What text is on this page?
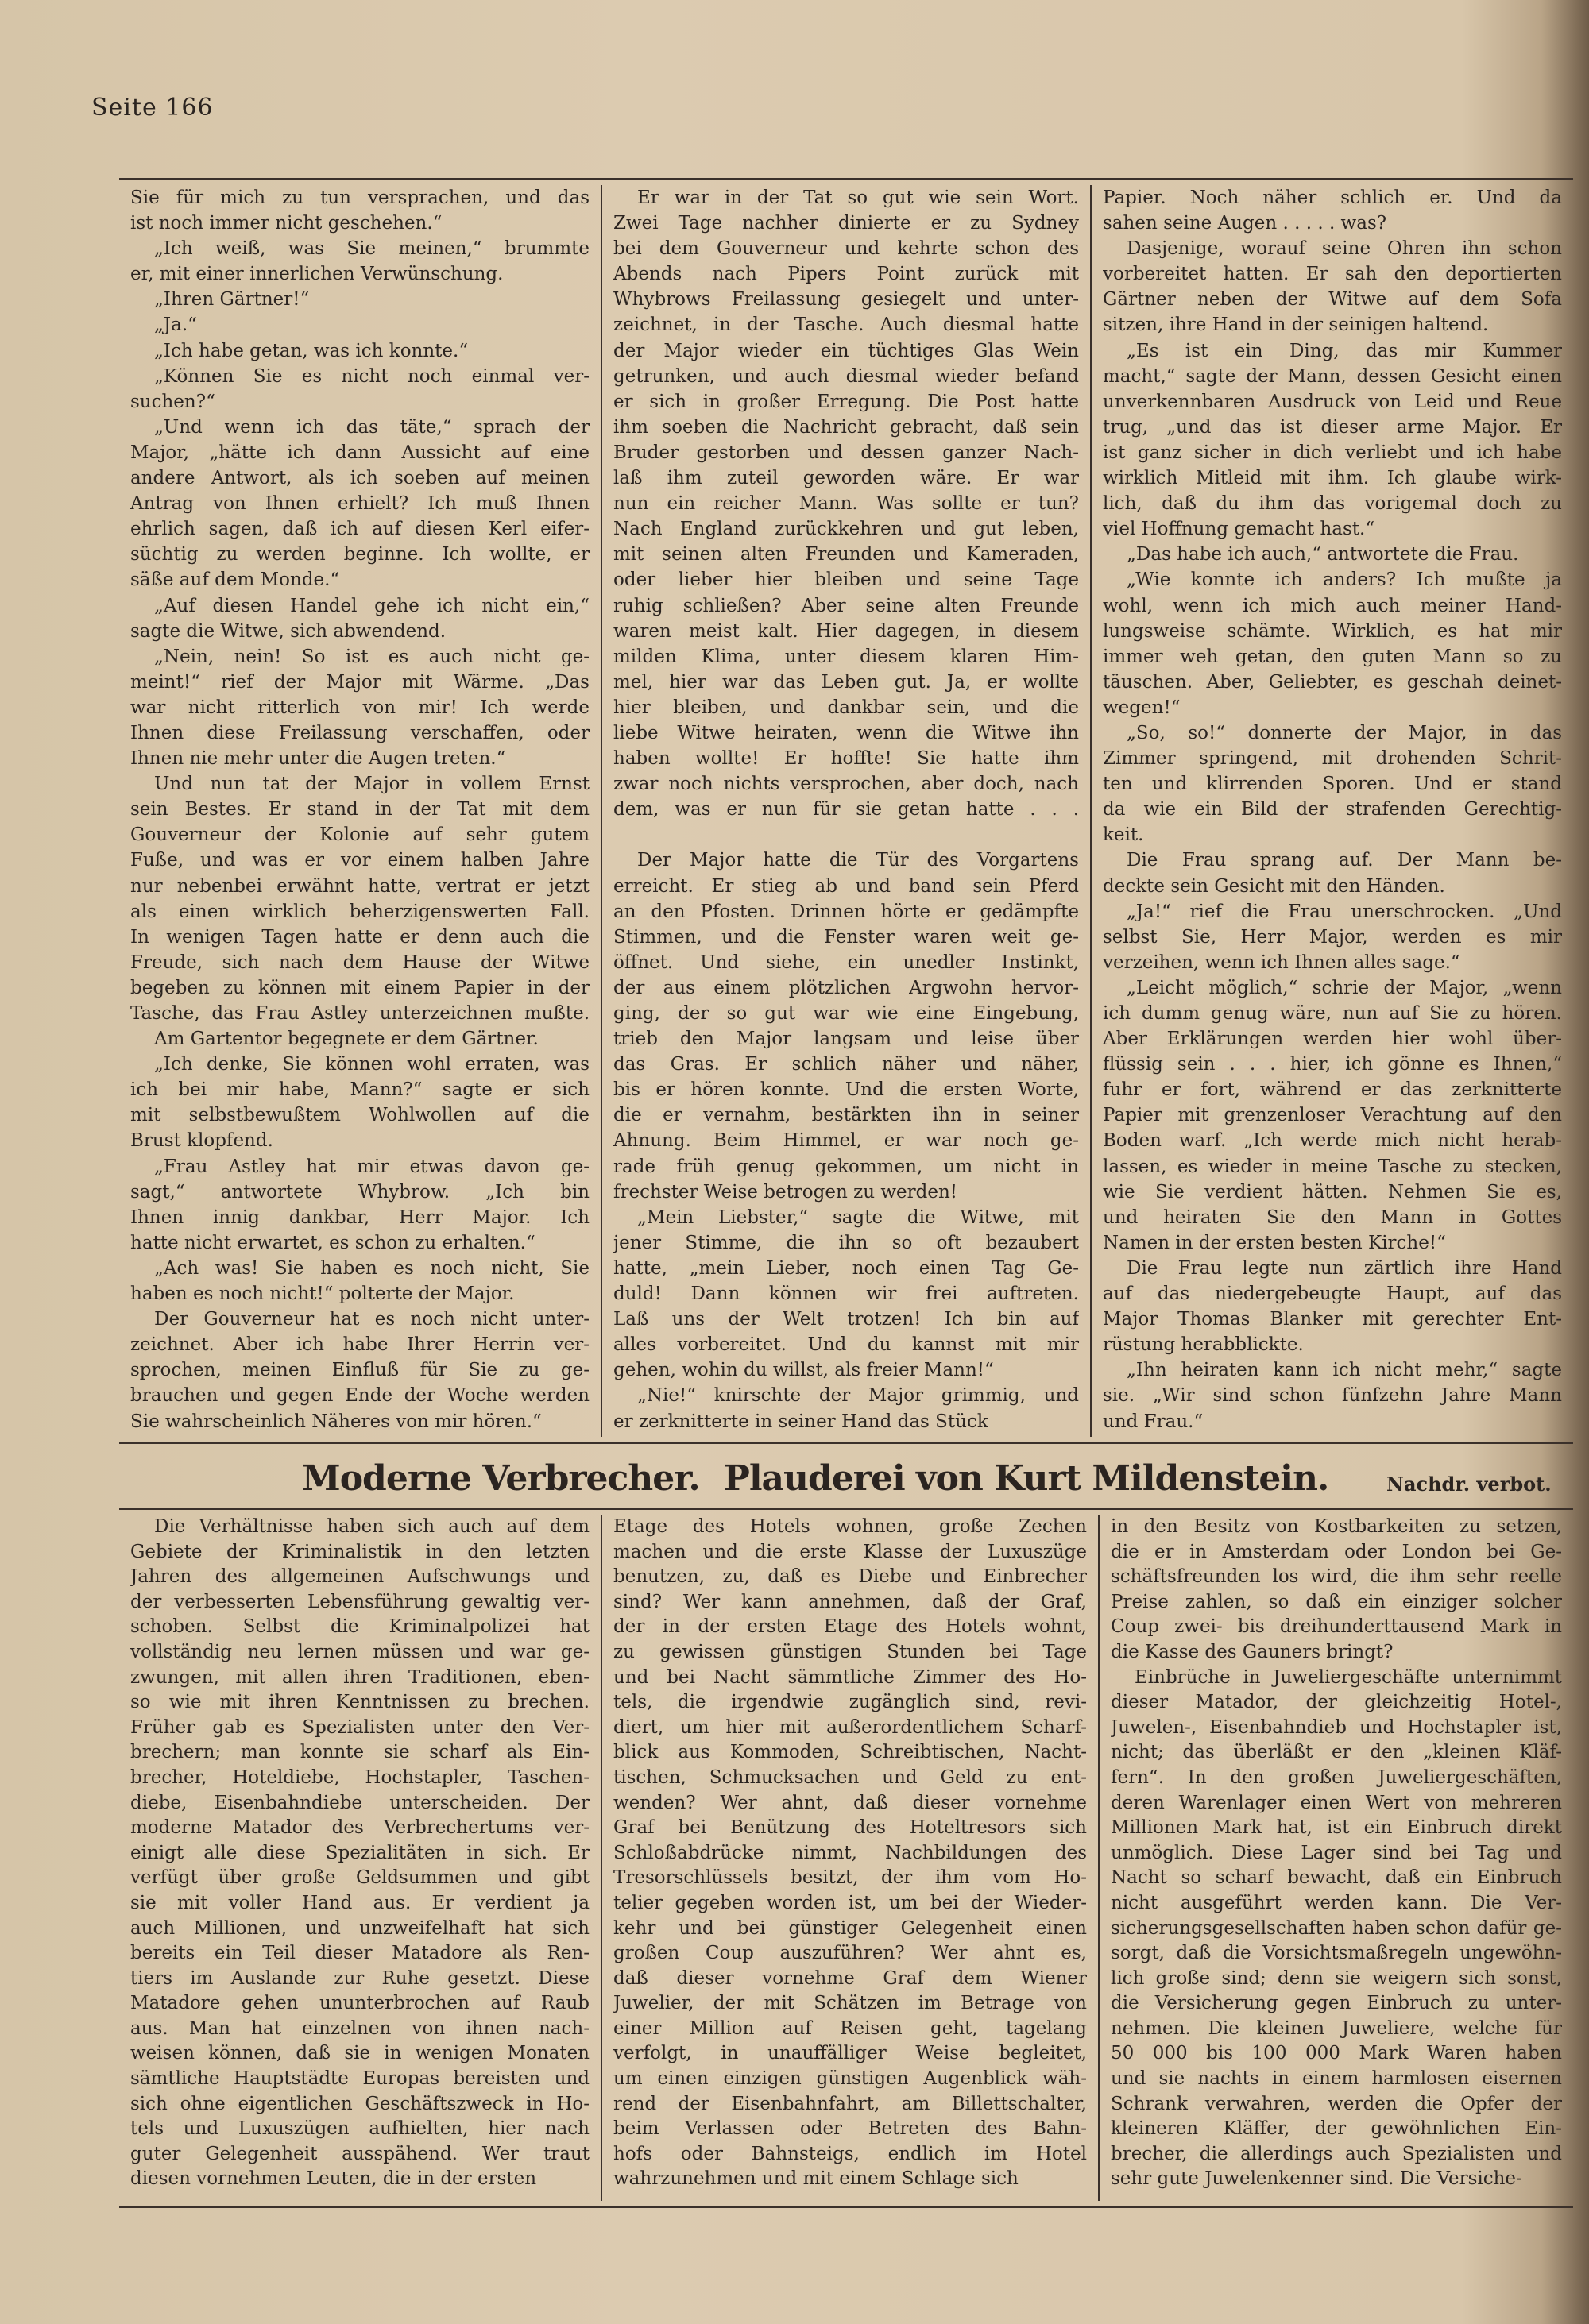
Seite 166
Sie für mich zu tun versprachen, und das
ist noch immer nicht geschehen.“
„Ich weiß, was Sie meinen,“ brummte
er, mit einer innerlichen Verwünschung.
„Ihren Gärtner!“
„Ja.“
„Ich habe getan, was ich konnte.“
„Können Sie es nicht noch einmal ver-
suchen?“
„Und wenn ich das täte,“ sprach der
Major, „hätte ich dann Aussicht auf eine
andere Antwort, als ich soeben auf meinen
Antrag von Ihnen erhielt? Ich muß Ihnen
ehrlich sagen, daß ich auf diesen Kerl eifer-
süchtig zu werden beginne. Ich wollte, er
säße auf dem Monde.“
„Auf diesen Handel gehe ich nicht ein,“
sagte die Witwe, sich abwendend.
„Nein, nein! So ist es auch nicht ge-
meint!“ rief der Major mit Wärme. „Das
war nicht ritterlich von mir! Ich werde
Ihnen diese Freilassung verschaffen, oder
Ihnen nie mehr unter die Augen treten.“
Und nun tat der Major in vollem Ernst
sein Bestes. Er stand in der Tat mit dem
Gouverneur der Kolonie auf sehr gutem
Fuße, und was er vor einem halben Jahre
nur nebenbei erwähnt hatte, vertrat er jetzt
als einen wirklich beherzigenswerten Fall.
In wenigen Tagen hatte er denn auch die
Freude, sich nach dem Hause der Witwe
begeben zu können mit einem Papier in der
Tasche, das Frau Astley unterzeichnen mußte.
Am Gartentor begegnete er dem Gärtner.
„Ich denke, Sie können wohl erraten, was
ich bei mir habe, Mann?“ sagte er sich
mit selbstbewußtem Wohlwollen auf die
Brust klopfend.
„Frau Astley hat mir etwas davon ge-
sagt,“ antwortete Whybrow. „Ich bin
Ihnen innig dankbar, Herr Major. Ich
hatte nicht erwartet, es schon zu erhalten.“
„Ach was! Sie haben es noch nicht, Sie
haben es noch nicht!“ polterte der Major.
Der Gouverneur hat es noch nicht unter-
zeichnet. Aber ich habe Ihrer Herrin ver-
sprochen, meinen Einfluß für Sie zu ge-
brauchen und gegen Ende der Woche werden
Sie wahrscheinlich Näheres von mir hören.“
Er war in der Tat so gut wie sein Wort.
Zwei Tage nachher dinierte er zu Sydney
bei dem Gouverneur und kehrte schon des
Abends nach Pipers Point zurück mit
Whybrows Freilassung gesiegelt und unter-
zeichnet, in der Tasche. Auch diesmal hatte
der Major wieder ein tüchtiges Glas Wein
getrunken, und auch diesmal wieder befand
er sich in großer Erregung. Die Post hatte
ihm soeben die Nachricht gebracht, daß sein
Bruder gestorben und dessen ganzer Nach-
laß ihm zuteil geworden wäre. Er war
nun ein reicher Mann. Was sollte er tun?
Nach England zurückkehren und gut leben,
mit seinen alten Freunden und Kameraden,
oder lieber hier bleiben und seine Tage
ruhig schließen? Aber seine alten Freunde
waren meist kalt. Hier dagegen, in diesem
milden Klima, unter diesem klaren Him-
mel, hier war das Leben gut. Ja, er wollte
hier bleiben, und dankbar sein, und die
liebe Witwe heiraten, wenn die Witwe ihn
haben wollte! Er hoffte! Sie hatte ihm
zwar noch nichts versprochen, aber doch, nach
dem, was er nun für sie getan hatte . . .

Der Major hatte die Tür des Vorgartens
erreicht. Er stieg ab und band sein Pferd
an den Pfosten. Drinnen hörte er gedämpfte
Stimmen, und die Fenster waren weit ge-
öffnet. Und siehe, ein unedler Instinkt,
der aus einem plötzlichen Argwohn hervor-
ging, der so gut war wie eine Eingebung,
trieb den Major langsam und leise über
das Gras. Er schlich näher und näher,
bis er hören konnte. Und die ersten Worte,
die er vernahm, bestärkten ihn in seiner
Ahnung. Beim Himmel, er war noch ge-
rade früh genug gekommen, um nicht in
frechster Weise betrogen zu werden!
„Mein Liebster,“ sagte die Witwe, mit
jener Stimme, die ihn so oft bezaubert
hatte, „mein Lieber, noch einen Tag Ge-
duld! Dann können wir frei auftreten.
Laß uns der Welt trotzen! Ich bin auf
alles vorbereitet. Und du kannst mit mir
gehen, wohin du willst, als freier Mann!“
„Nie!“ knirschte der Major grimmig, und
er zerknitterte in seiner Hand das Stück
Papier. Noch näher schlich er. Und da
sahen seine Augen . . . . . was?
Dasjenige, worauf seine Ohren ihn schon
vorbereitet hatten. Er sah den deportierten
Gärtner neben der Witwe auf dem Sofa
sitzen, ihre Hand in der seinigen haltend.
„Es ist ein Ding, das mir Kummer
macht,“ sagte der Mann, dessen Gesicht einen
unverkennbaren Ausdruck von Leid und Reue
trug, „und das ist dieser arme Major. Er
ist ganz sicher in dich verliebt und ich habe
wirklich Mitleid mit ihm. Ich glaube wirk-
lich, daß du ihm das vorigemal doch zu
viel Hoffnung gemacht hast.“
„Das habe ich auch,“ antwortete die Frau.
„Wie konnte ich anders? Ich mußte ja
wohl, wenn ich mich auch meiner Hand-
lungsweise schämte. Wirklich, es hat mir
immer weh getan, den guten Mann so zu
täuschen. Aber, Geliebter, es geschah deinet-
wegen!“
„So, so!“ donnerte der Major, in das
Zimmer springend, mit drohenden Schrit-
ten und klirrenden Sporen. Und er stand
da wie ein Bild der strafenden Gerechtig-
keit.
Die Frau sprang auf. Der Mann be-
deckte sein Gesicht mit den Händen.
„Ja!“ rief die Frau unerschrocken. „Und
selbst Sie, Herr Major, werden es mir
verzeihen, wenn ich Ihnen alles sage.“
„Leicht möglich,“ schrie der Major, „wenn
ich dumm genug wäre, nun auf Sie zu hören.
Aber Erklärungen werden hier wohl über-
flüssig sein . . . hier, ich gönne es Ihnen,“
fuhr er fort, während er das zerknitterte
Papier mit grenzenloser Verachtung auf den
Boden warf. „Ich werde mich nicht herab-
lassen, es wieder in meine Tasche zu stecken,
wie Sie verdient hätten. Nehmen Sie es,
und heiraten Sie den Mann in Gottes
Namen in der ersten besten Kirche!“
Die Frau legte nun zärtlich ihre Hand
auf das niedergebeugte Haupt, auf das
Major Thomas Blanker mit gerechter Ent-
rüstung herabblickte.
„Ihn heiraten kann ich nicht mehr,“ sagte
sie. „Wir sind schon fünfzehn Jahre Mann
und Frau.“
Moderne Verbrecher. Plauderei von Kurt Mildenstein.	Nachdr. verbot.
Die Verhältnisse haben sich auch auf dem
Gebiete der Kriminalistik in den letzten
Jahren des allgemeinen Aufschwungs und
der verbesserten Lebensführung gewaltig ver-
schoben. Selbst die Kriminalpolizei hat
vollständig neu lernen müssen und war ge-
zwungen, mit allen ihren Traditionen, eben-
so wie mit ihren Kenntnissen zu brechen.
Früher gab es Spezialisten unter den Ver-
brechern; man konnte sie scharf als Ein-
brecher, Hoteldiebe, Hochstapler, Taschen-
diebe, Eisenbahndiebe unterscheiden. Der
moderne Matador des Verbrechertums ver-
einigt alle diese Spezialitäten in sich. Er
verfügt über große Geldsummen und gibt
sie mit voller Hand aus. Er verdient ja
auch Millionen, und unzweifelhaft hat sich
bereits ein Teil dieser Matadore als Ren-
tiers im Auslande zur Ruhe gesetzt. Diese
Matadore gehen ununterbrochen auf Raub
aus. Man hat einzelnen von ihnen nach-
weisen können, daß sie in wenigen Monaten
sämtliche Hauptstädte Europas bereisten und
sich ohne eigentlichen Geschäftszweck in Ho-
tels und Luxuszügen aufhielten, hier nach
guter Gelegenheit ausspähend. Wer traut
diesen vornehmen Leuten, die in der ersten
Etage des Hotels wohnen, große Zechen
machen und die erste Klasse der Luxuszüge
benutzen, zu, daß es Diebe und Einbrecher
sind? Wer kann annehmen, daß der Graf,
der in der ersten Etage des Hotels wohnt,
zu gewissen günstigen Stunden bei Tage
und bei Nacht sämmtliche Zimmer des Ho-
tels, die irgendwie zugänglich sind, revi-
diert, um hier mit außerordentlichem Scharf-
blick aus Kommoden, Schreibtischen, Nacht-
tischen, Schmucksachen und Geld zu ent-
wenden? Wer ahnt, daß dieser vornehme
Graf bei Benützung des Hoteltresors sich
Schloßabdrücke nimmt, Nachbildungen des
Tresorschlüssels besitzt, der ihm vom Ho-
telier gegeben worden ist, um bei der Wieder-
kehr und bei günstiger Gelegenheit einen
großen Coup auszuführen? Wer ahnt es,
daß dieser vornehme Graf dem Wiener
Juwelier, der mit Schätzen im Betrage von
einer Million auf Reisen geht, tagelang
verfolgt, in unauffälliger Weise begleitet,
um einen einzigen günstigen Augenblick wäh-
rend der Eisenbahnfahrt, am Billettschalter,
beim Verlassen oder Betreten des Bahn-
hofs oder Bahnsteigs, endlich im Hotel
wahrzunehmen und mit einem Schlage sich
in den Besitz von Kostbarkeiten zu setzen,
die er in Amsterdam oder London bei Ge-
schäftsfreunden los wird, die ihm sehr reelle
Preise zahlen, so daß ein einziger solcher
Coup zwei- bis dreihunderttausend Mark in
die Kasse des Gauners bringt?
Einbrüche in Juweliergeschäfte unternimmt
dieser Matador, der gleichzeitig Hotel-,
Juwelen-, Eisenbahndieb und Hochstapler ist,
nicht; das überläßt er den „kleinen Kläf-
fern“. In den großen Juweliergeschäften,
deren Warenlager einen Wert von mehreren
Millionen Mark hat, ist ein Einbruch direkt
unmöglich. Diese Lager sind bei Tag und
Nacht so scharf bewacht, daß ein Einbruch
nicht ausgeführt werden kann. Die Ver-
sicherungsgesellschaften haben schon dafür ge-
sorgt, daß die Vorsichtsmaßregeln ungewöhn-
lich große sind; denn sie weigern sich sonst,
die Versicherung gegen Einbruch zu unter-
nehmen. Die kleinen Juweliere, welche für
50 000 bis 100 000 Mark Waren haben
und sie nachts in einem harmlosen eisernen
Schrank verwahren, werden die Opfer der
kleineren Kläffer, der gewöhnlichen Ein-
brecher, die allerdings auch Spezialisten und
sehr gute Juwelenkenner sind. Die Versiche-
